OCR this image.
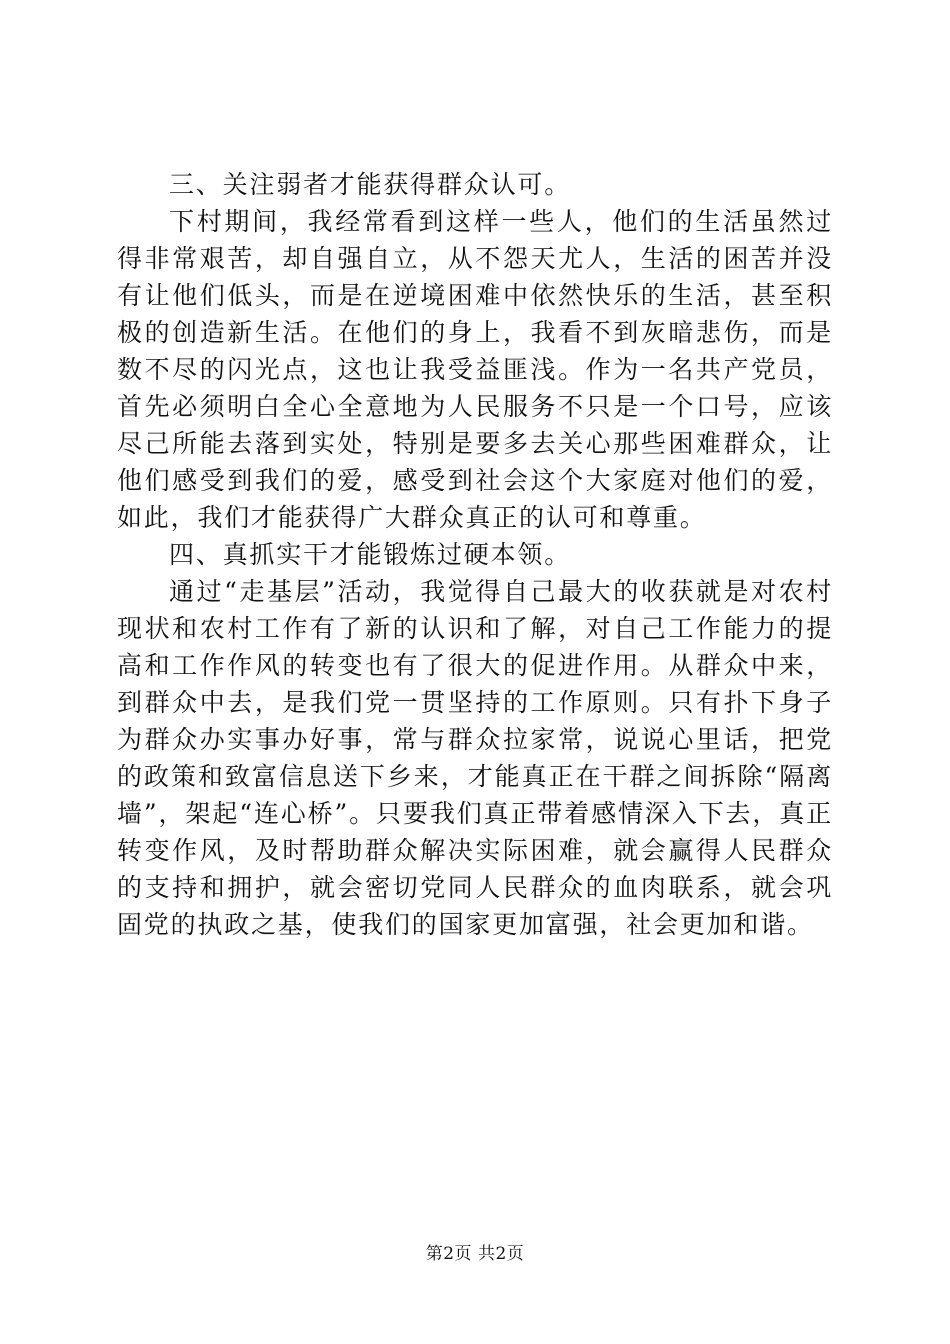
三、关注弱者才能获得群众认可。

下村期间，我经常看到这样一些人，他们的生活虽然过得非常艰苦，却自强自立，从不怨天尤人，生活的困苦并没有让他们低头，而是在逆境困难中依然快乐的生活，甚至积极的创造新生活。在他们的身上，我看不到灰暗悲伤，而是数不尽的闪光点，这也让我受益匪浅。作为一名共产党员，首先必须明白全心全意地为人民服务不只是一个口号，应该尽己所能去落到实处，特别是要多去关心那些困难群众，让他们感受到我们的爱，感受到社会这个大家庭对他们的爱，如此，我们才能获得广大群众真正的认可和尊重。

四、真抓实干才能锻炼过硬本领。

通过“走基层”活动，我觉得自己最大的收获就是对农村现状和农村工作有了新的认识和了解，对自己工作能力的提高和工作作风的转变也有了很大的促进作用。从群众中来，到群众中去，是我们党一贯坚持的工作原则。只有扑下身子为群众办实事办好事，常与群众拉家常，说说心里话，把党的政策和致富信息送下乡来，才能真正在干群之间拆除“隔离墙”，架起“连心桥”。只要我们真正带着感情深入下去，真正转变作风，及时帮助群众解决实际困难，就会赢得人民群众的支持和拥护，就会密切党同人民群众的血肉联系，就会巩固党的执政之基，使我们的国家更加富强，社会更加和谐。

第2页 共2页
